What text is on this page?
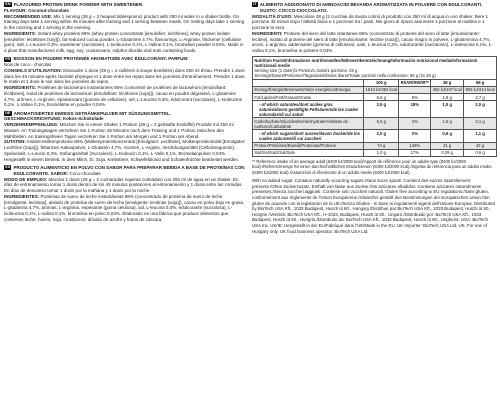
EN FLAVOURED PROTEIN DRINK POWDER WITH SWEETENER.

FLAVOUR: Coconut-chocolate

RECOMMENDED USE: Mix 1 serving (28 g = 2 heaped tablespoons) product with 250 ml water in a shaker bottle. On training days take 1 serving within 45 minutes after training and 1 serving between meals. On resting days take 1 serving in the morning and 1 serving in the evening.

INGREDIENTS: Instant whey proteins 86% (whey protein concentrate [emulsifier: lecithines], whey protein isolate [emulsifier: lecithines (soy)]), fat-reduced cocoa powder, L-Glutamine 4.7%, flavourings, L-Arginine, thickener (cellulose gum), salt, L-Leucine 0.3%, sweetener (sucralose), L-Isoleucine 0.1%, L-Valine 0.1%, bromelain powder 0.04%. Made in a plant that manufactures milk, egg, soy, crustaceans, sulphur dioxide and nuts containing foods.

FR BOISSON EN POUDRE PROTÉINÉE AROMATISÉE AVEC ÉDULCORANT. PARFUM:

Noix de coco - chocolat

CONSEILS D'UTILISATION: Dissoudre 1 dose (28 g = 2 cuillères à soupe bombées) dans 250 ml d'eau. Prendre 1 dose dans les 45 minutes après l'activité physique et 1 dose entre les repas dans les journées d'entraînement. Prendre 1 dose le matin et 1 dose le soir dans les journées de repos.

INGRÉDIENTS: Protéines de lactosérum instantanées 86% (concentré de protéines de lactosérum [émulsifiant: lécithines], isolat de protéines de lactosérum [émulsifiant: lécithines (soja)]), cacao en poudre dégraissé, L-glutamine 4,7%, arômes, L-Arginine, épaississant (gomme de cellulose), sel, L-Leucine 0,3%, édulcorant (sucralose), L-Isoleucine 0,1%, L-Valine 0,1%, bromélaïne en poudre 0,04%.

DE AROMATISIERTES EIWEISS GETRÄNKEPULVER MIT SÜSSUNGSMITTEL.

GESCHMACKSRICHTUNG: Kokos-Schokolade

VERZEHREMPFEHLUNG: Mischen Sie in einem Shaker 1 Portion (28 g = 2 gehäufte Esslöffel) Produkt mit 250 ml Wasser. An Trainingstagen verzehren Sie 1 Portion 45 Minuten nach dem Training und 1 Portion zwischen den Mahlzeiten. An trainingsfreien Tagen verzehren Sie 1 Portion am Morgen und 1 Portion am Abend.

ZUTATEN: Instant-Molkenproteine 86% (Molkenproteinkonzentrat [Emulgator: Lecithine], Molkenproteinisolat [Emulgator: Lecithine (Soja)]), fettarmes Kakaopulver, L-Glutamin 4,7%, Aromen, L-Arginin, Verdickungsmittel (Cellulosegummi), Speisesalz, L-Leucin 0,3%, Süßungsmittel (Sucralose), L-Isoleucin 0,1%, L-Valin 0,1%, Bromelainpulver 0,04%. Hergestellt in einem Betrieb, in dem Milch, Ei, Soja, Krebstiere, Schwefeldioxid und Schalenfrüchte bearbeitet werden.

ES PRODUCTO ALIMENTICIO EN POLVO CON SABOR PARA PREPARAR BEBIDA A BASE DE PROTEÍNAS CON EDULCORANTE. SABOR: Coco-chocolate

MODO DE EMPLEO: Mezclar 1 dosis (28 g = 2 cucharadas soperas colmadas) con 250 ml de agua en un shaker. En días de entrenamiento tomar 1 dosis dentro de los 45 minutos posteriores al entrenamiento y 1 dosis entre las comidas. En días de descanso tomar 1 dosis por la mañana y 1 dosis por la noche.

INGREDIENTES: Proteínas de suero de leche instantáneas 86% (concentrado de proteína de suero de leche [emulgente: lecitinas], aislado de proteína de suero de leche [emulgente: lecitinas (soja)]), cacao en polvo bajo en grasa, L-glutamina 4,7%, aromas, L-arginina, espesante (goma celulosa), sal, L-leucina 0,3%, edulcorante (sucralosa), L-isoleucina 0,1%, L-valina 0,1%, bromelina en polvo 0,04%. Elaborado en una fábrica que produce alimentos que contienen leche, huevo, soja, crustáceos, dióxido de azufre y frutos de cáscara.

IT ALIMENTO ADDIZIONATO DI AMINOACIDI BEVANDA AROMATIZZATA IN POLVERE CON EDULCORANTI. GUSTO: COCCO-CIOCCOLATO.

MODALITÀ D'USO: Mescolare 28 g (2 cucchiai da tavola colmi) di prodotto con 250 ml di acqua in uno shaker. Bere 1 porzione 45 minuti dopo l'attività fisica e 1 porzione tra i pasti. Nei giorni di riposo assumere 1 porzione al mattino e 1 porzione la sera.

INGREDIENTI: Proteine del siero del latte istantanee 86% (concentrato di proteine del siero di latte [emulsionante: lecitine], isolato di proteine del siero di latte [emulsionante: lecitine (soia)]), cacao magro in polvere, L-glutammina 4,7%, aromi, L-arginina, addensante (gomma di cellulosa), sale, L-leucina 0,3%, edulcorante (sucralosio), L-isoleucina 0,1%, L-valina 0,1%, bromelina in polvere 0,04%.

Nutrition Facts/Informations nutritionnelles/Nährwertkennzeichnung/Información nutricional media/Informazioni nutrizionali medie
Serving size (1 dose)/1 Portion/1 dosis/1 porzione: 28 g
Servings/Doses/Portionen/Tagesdosis/Dosis diaria/Totale porzioni nella confezione: 56 g (2x 28 g)				

	100 g	RI/AR/RW/IR**	28 g	56 g
Energy/Énergie/Brennwert/Valor energético/Energia	1613 kJ/382 kcal		452 kJ/107 kcal	903 kJ/214 kcal
Fat/Lipides/Fett/Grasas/Grassi	6,6 g	9%	1,8 g	3,7 g
- of which saturates/dont acides gras saturés/davon gesättigte Fettsäuren/de las cuales saturadas/di cui saturi	3,5 g	18%	1,0 g	2,0 g
Carbohydrate/Glucides/Kohlenhydrate/Hidratos de carbono/Carboidrati	5,5 g	2%	1,5 g	3,1 g
- of which sugars/dont sucres/davon Zucker/de los cuales azúcares/di cui zuccheri	2,0 g	2%	0,6 g	1,1 g
Protein/Protéines/Eiweiß/Proteínas/Proteine	74 g	148%	21 g	42 g
Salt/Sel/Salz/Sal/Sale	1,0 g	17%	0,29 g	0,6 g

** Reference intake of an average adult (8400 kJ/2000 kcal)/Apport de référence pour un adulte-type (8400 kJ/2000 kcal)./Referenzmenge für einen durchschnittlichen Erwachsenen (8400 kJ/2000 kcal)./Ingesta de referencia para un adulto medio (8400 kJ/2000 kcal)./Assunzioni di riferimento di un adulto medio (8400 kJ/2000 kcal).

With no added sugar. Contains naturally occurring sugars./Sans sucre ajouté. Contient des sucres naturellement présents./Ohne Zuckerzusatz. Enthält von Natur aus Zucker./Sin azúcares añadidos. Contiene azúcares naturalmente presentes./Senza zuccheri aggiunti. Contiene solo zuccheri naturali. Gluten free according to EU regulations./Sans gluten, conformément aux règlements de l'Union Européenne./Glutenfrei gemäß den Bestimmungen der Europäischen Union./Sin gluten de acuerdo con la legislación de la UE./Senza Glutine - In base ai regolamenti vigenti dell'Unione Europea. Distributed by BioTech USA Kft., 1033 Budapest, Huszti út 60., Hungary./Distribué par BioTech USA Kft., 1033 Budapest, Huszti út 60., Hongrie./Vertrieb: BioTech USA Kft., H-1033, Budapest, Huszti út 60., Ungarn./Distribuido por: BioTech USA Kft., 1033 Budapest, Huszti út 60., Hungría./Distribuito da: BioTech USA Kft., 1033 Budapest, Huszti út 60., Ungheria. USA: BioTech USA Inc. UK/IE: Hergestellt in der EU/Fabriqué dans l'UE/Made in the EU. UK Importer: BioTech USA Ltd. UK. For use of Hungary only. UK food business operator: BioTech USA Ltd.
